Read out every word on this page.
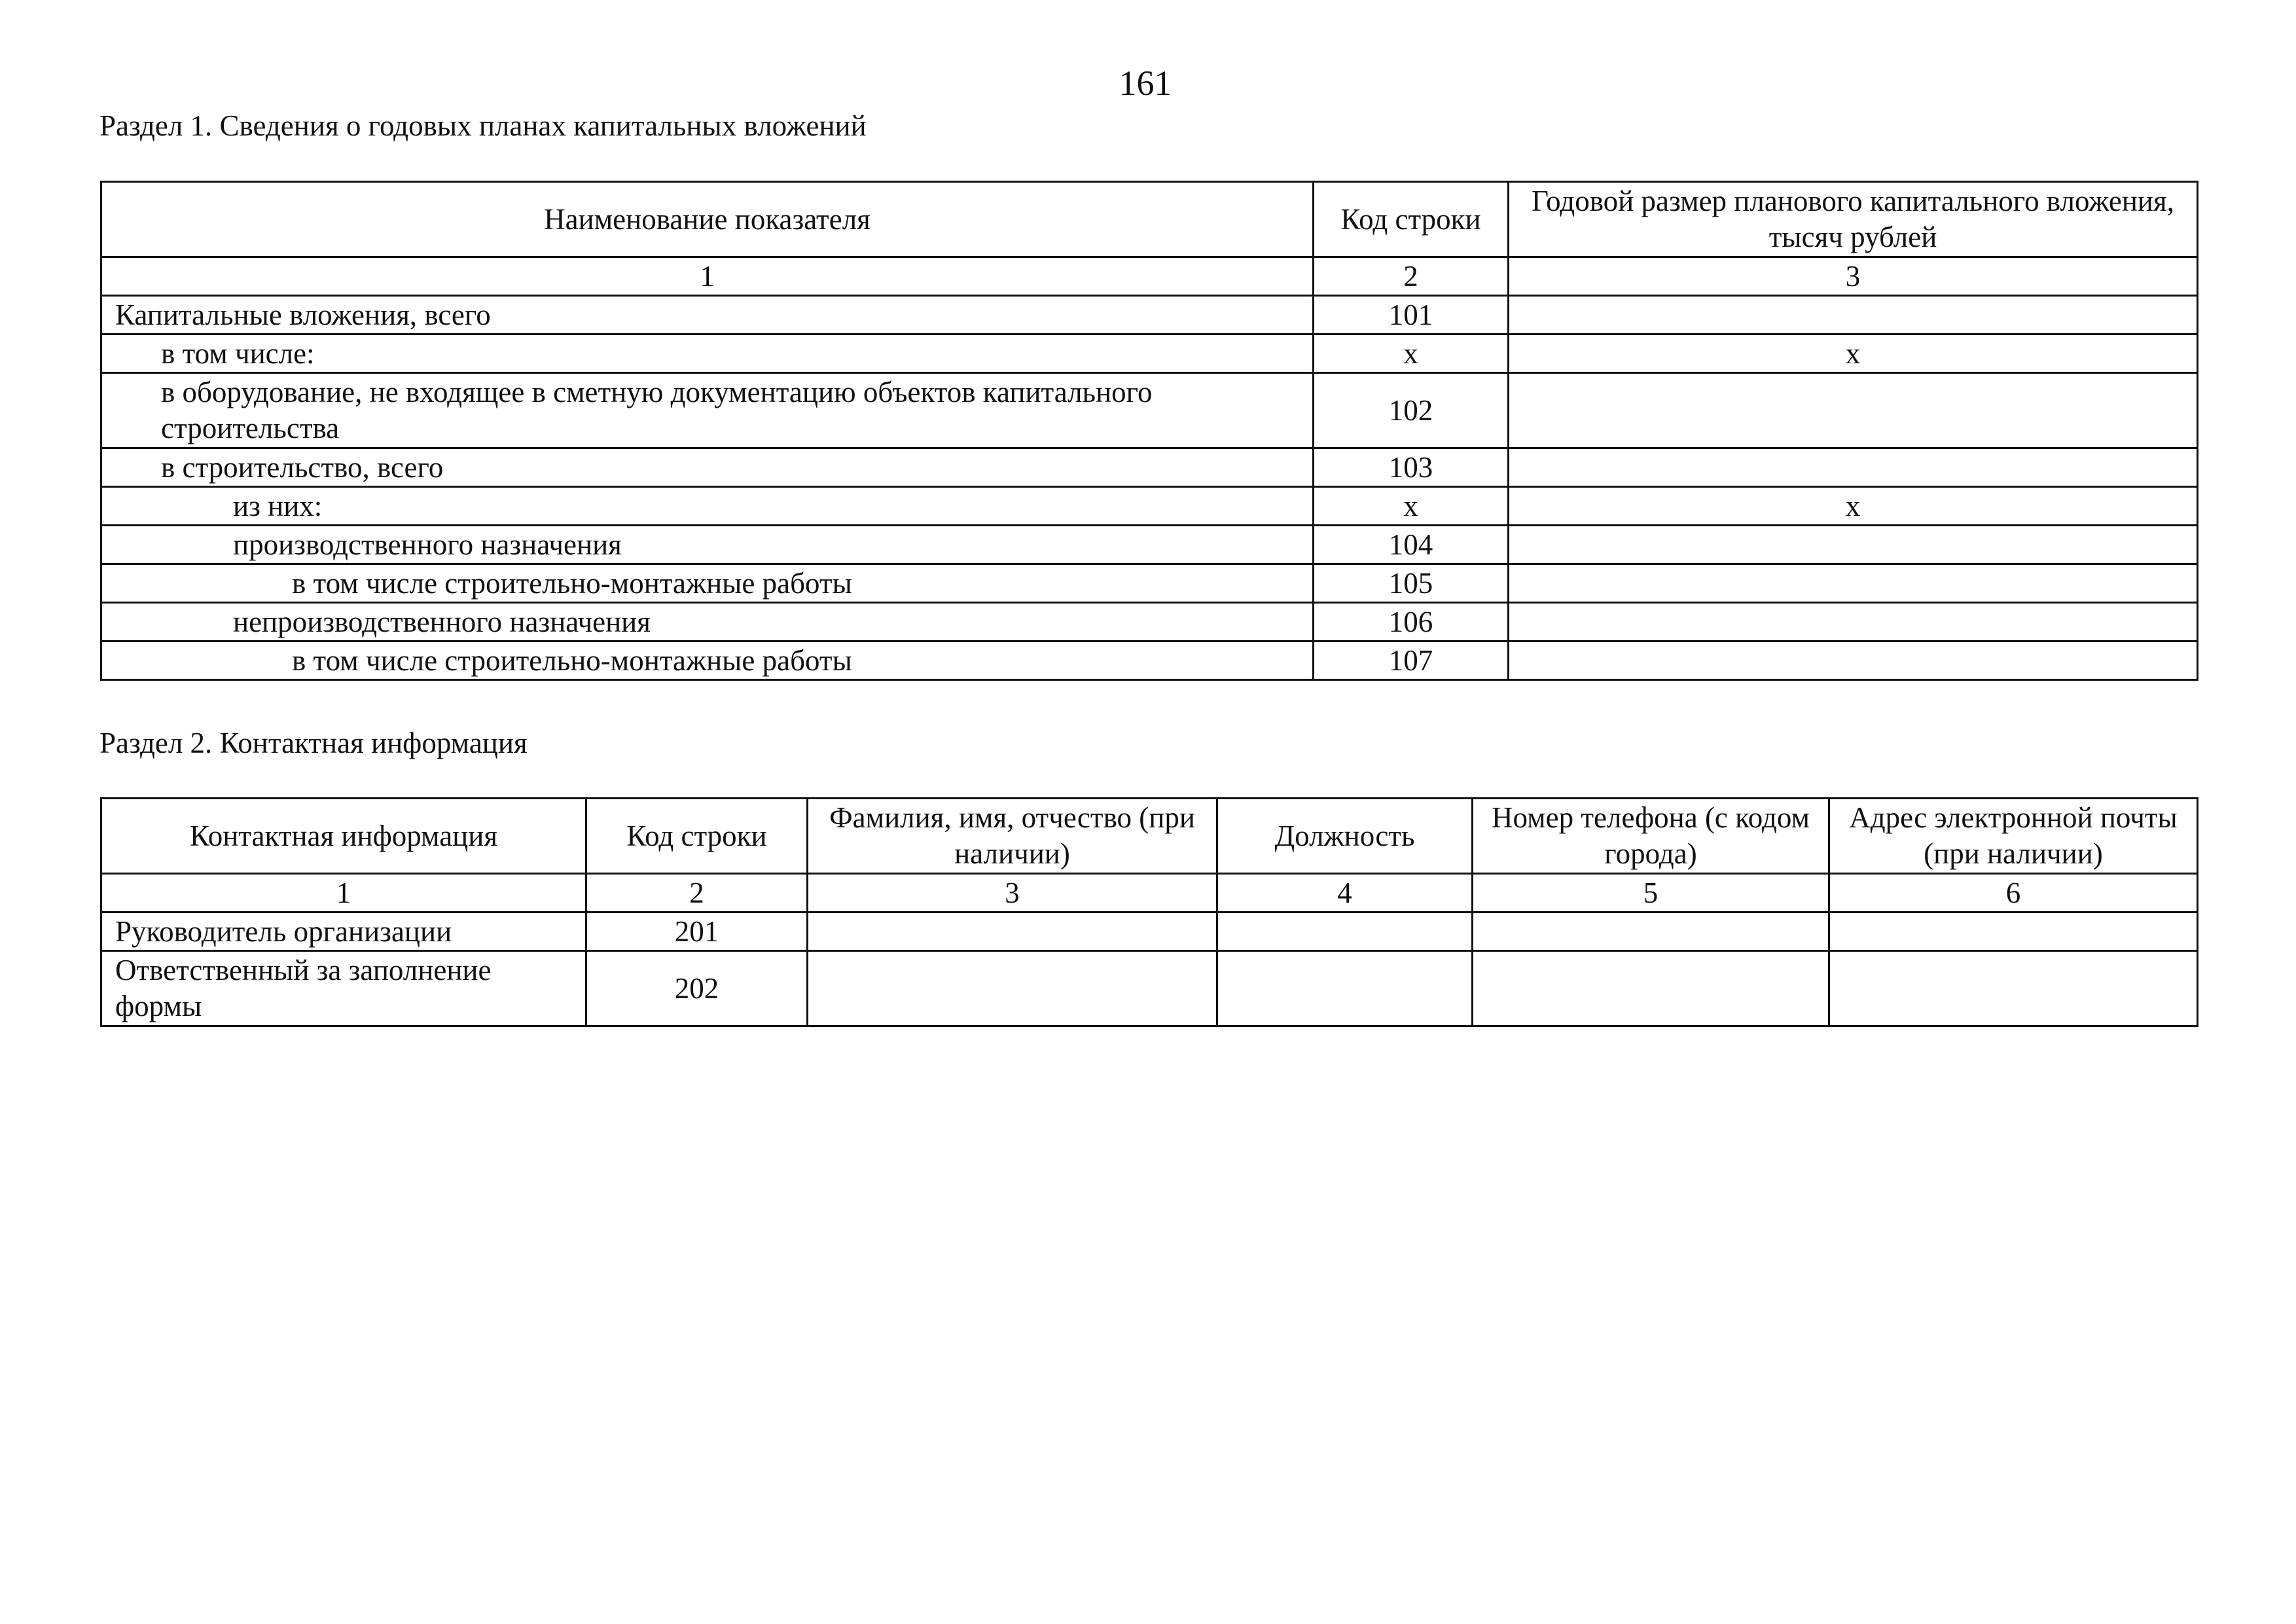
161
Раздел 1. Сведения о годовых планах капитальных вложений
Наименование показателя	Код строки	Годовой размер планового капитального вложения, тысяч рублей
1	2	3
Капитальные вложения, всего	101	
в том числе:	x	x
в оборудование, не входящее в сметную документацию объектов капитального строительства	102	
в строительство, всего	103	
из них:	x	x
производственного назначения	104	
в том числе строительно-монтажные работы	105	
непроизводственного назначения	106	
в том числе строительно-монтажные работы	107	
Раздел 2. Контактная информация
Контактная информация	Код строки	Фамилия, имя, отчество (при наличии)	Должность	Номер телефона (с кодом города)	Адрес электронной почты (при наличии)
1	2	3	4	5	6
Руководитель организации	201				
Ответственный за заполнение формы	202				
